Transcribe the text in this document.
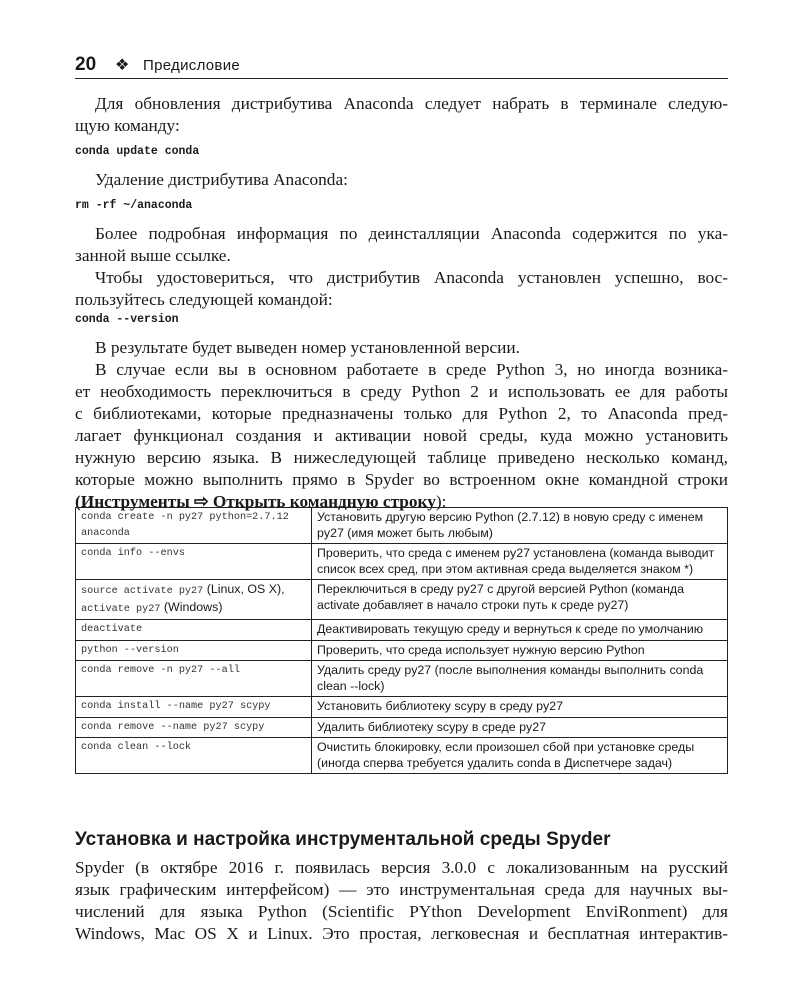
20 ❖ Предисловие
Для обновления дистрибутива Anaconda следует набрать в терминале следую-
щую команду:
conda update conda
Удаление дистрибутива Anaconda:
rm -rf ~/anaconda
Более подробная информация по деинсталляции Anaconda содержится по ука-
занной выше ссылке.
Чтобы удостовериться, что дистрибутив Anaconda установлен успешно, вос-
пользуйтесь следующей командой:
conda --version
В результате будет выведен номер установленной версии.
В случае если вы в основном работаете в среде Python 3, но иногда возника-
ет необходимость переключиться в среду Python 2 и использовать ее для работы
с библиотеками, которые предназначены только для Python 2, то Anaconda пред-
лагает функционал создания и активации новой среды, куда можно установить
нужную версию языка. В нижеследующей таблице приведено несколько команд,
которые можно выполнить прямо в Spyder во встроенном окне командной строки
(Инструменты ⇨ Открыть командную строку):
conda create -n py27 python=2.7.12 anaconda	Установить другую версию Python (2.7.12) в новую среду с именем py27 (имя может быть любым)
conda info --envs	Проверить, что среда с именем py27 установлена (команда выводит список всех сред, при этом активная среда выделяется знаком *)
source activate py27 (Linux, OS X),
activate py27 (Windows)	Переключиться в среду py27 с другой версией Python (команда activate добавляет в начало строки путь к среде py27)
deactivate	Деактивировать текущую среду и вернуться к среде по умолчанию
python --version	Проверить, что среда использует нужную версию Python
conda remove -n py27 --all	Удалить среду py27 (после выполнения команды выполнить conda clean --lock)
conda install --name py27 scypy	Установить библиотеку scypy в среду py27
conda remove --name py27 scypy	Удалить библиотеку scypy в среде py27
conda clean --lock	Очистить блокировку, если произошел сбой при установке среды (иногда сперва требуется удалить conda в Диспетчере задач)
Установка и настройка инструментальной среды Spyder
Spyder (в октябре 2016 г. появилась версия 3.0.0 с локализованным на русский
язык графическим интерфейсом) — это инструментальная среда для научных вы-
числений для языка Python (Scientific PYthon Development EnviRonment) для
Windows, Mac OS X и Linux. Это простая, легковесная и бесплатная интерактив-
